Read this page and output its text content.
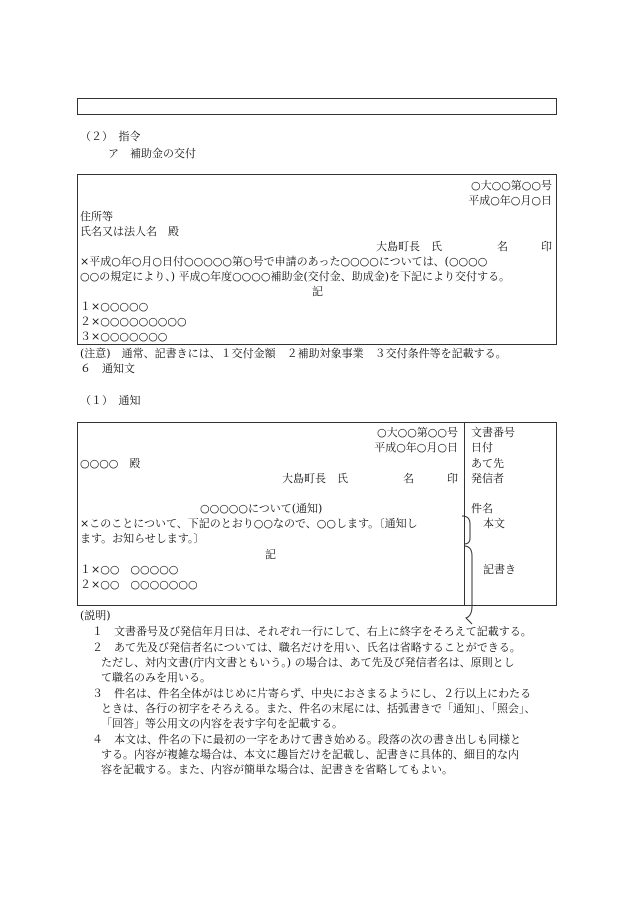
（２）　指令
ア　補助金の交付
○大○○第○○号
平成○年○月○日
住所等
氏名又は法人名　殿
大島町長　氏　　　　　名　　　印
×平成○年○月○日付○○○○○第○号で申請のあった○○○○については、(○○○○
○○の規定により、) 平成○年度○○○○補助金(交付金、助成金)を下記により交付する。
記
１×○○○○○
２×○○○○○○○○○
３×○○○○○○○
(注意)　通常、記書きには、１交付金額　２補助対象事業　３交付条件等を記載する。
６　通知文
（１）　通知
○大○○第○○号
平成○年○月○日
○○○○　殿
大島町長　氏　　　　　名　　　印
○○○○○について(通知)
×このことについて、下記のとおり○○なので、○○します。〔通知し
ます。お知らせします。〕
記
１×○○　○○○○○
２×○○　○○○○○○○
文書番号
日付
あて先
発信者
件名
本文
記書き
(説明)
１　文書番号及び発信年月日は、それぞれ一行にして、右上に終字をそろえて記載する。
２　あて先及び発信者名については、職名だけを用い、氏名は省略することができる。
ただし、対内文書(庁内文書ともいう。) の場合は、あて先及び発信者名は、原則とし
て職名のみを用いる。
３　件名は、件名全体がはじめに片寄らず、中央におさまるようにし、２行以上にわたる
ときは、各行の初字をそろえる。また、件名の末尾には、括弧書きで「通知」、「照会」、
「回答」等公用文の内容を表す字句を記載する。
４　本文は、件名の下に最初の一字をあけて書き始める。段落の次の書き出しも同様と
する。内容が複雑な場合は、本文に趣旨だけを記載し、記書きに具体的、細目的な内
容を記載する。また、内容が簡単な場合は、記書きを省略してもよい。
